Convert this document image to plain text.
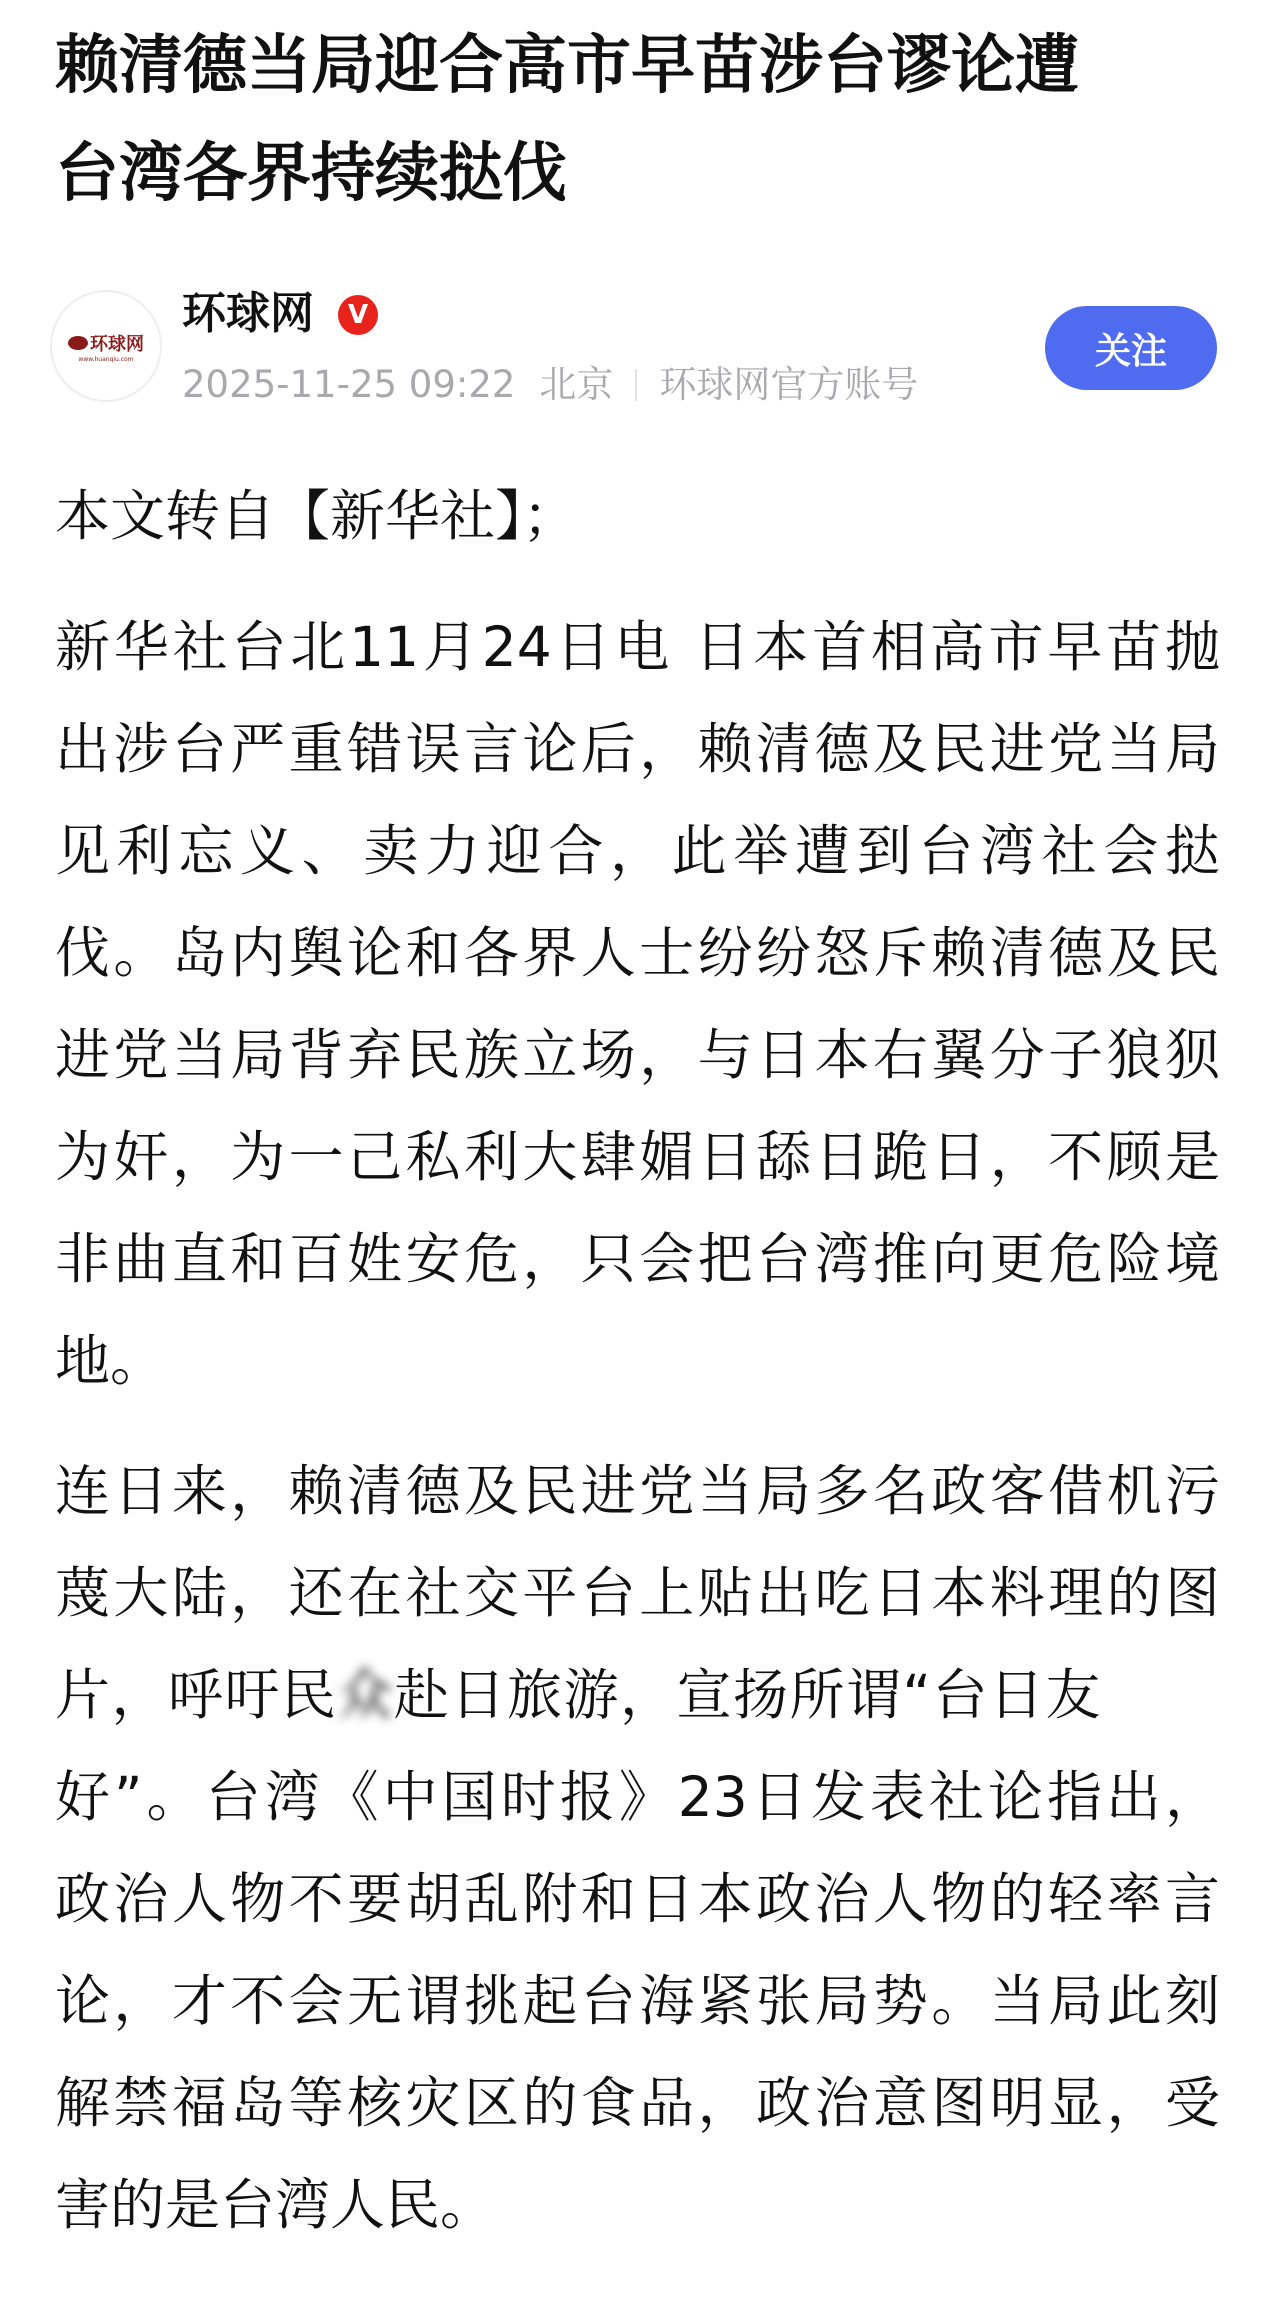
赖清德当局迎合高市早苗涉台谬论遭
台湾各界持续挞伐
环球网
www.huanqiu.com
环球网	V
2025-11-25 09:22 北京 环球网官方账号
关注
本文转自【新华社】；
新华社台北11月24日电 日本首相高市早苗抛
出涉台严重错误言论后，赖清德及民进党当局
见利忘义、卖力迎合，此举遭到台湾社会挞
伐。岛内舆论和各界人士纷纷怒斥赖清德及民
进党当局背弃民族立场，与日本右翼分子狼狈
为奸，为一己私利大肆媚日舔日跪日，不顾是
非曲直和百姓安危，只会把台湾推向更危险境
地。
连日来，赖清德及民进党当局多名政客借机污
蔑大陆，还在社交平台上贴出吃日本料理的图
片，呼吁民众赴日旅游，宣扬所谓“台日友
好”。台湾《中国时报》23日发表社论指出，
政治人物不要胡乱附和日本政治人物的轻率言
论，才不会无谓挑起台海紧张局势。当局此刻
解禁福岛等核灾区的食品，政治意图明显，受
害的是台湾人民。
